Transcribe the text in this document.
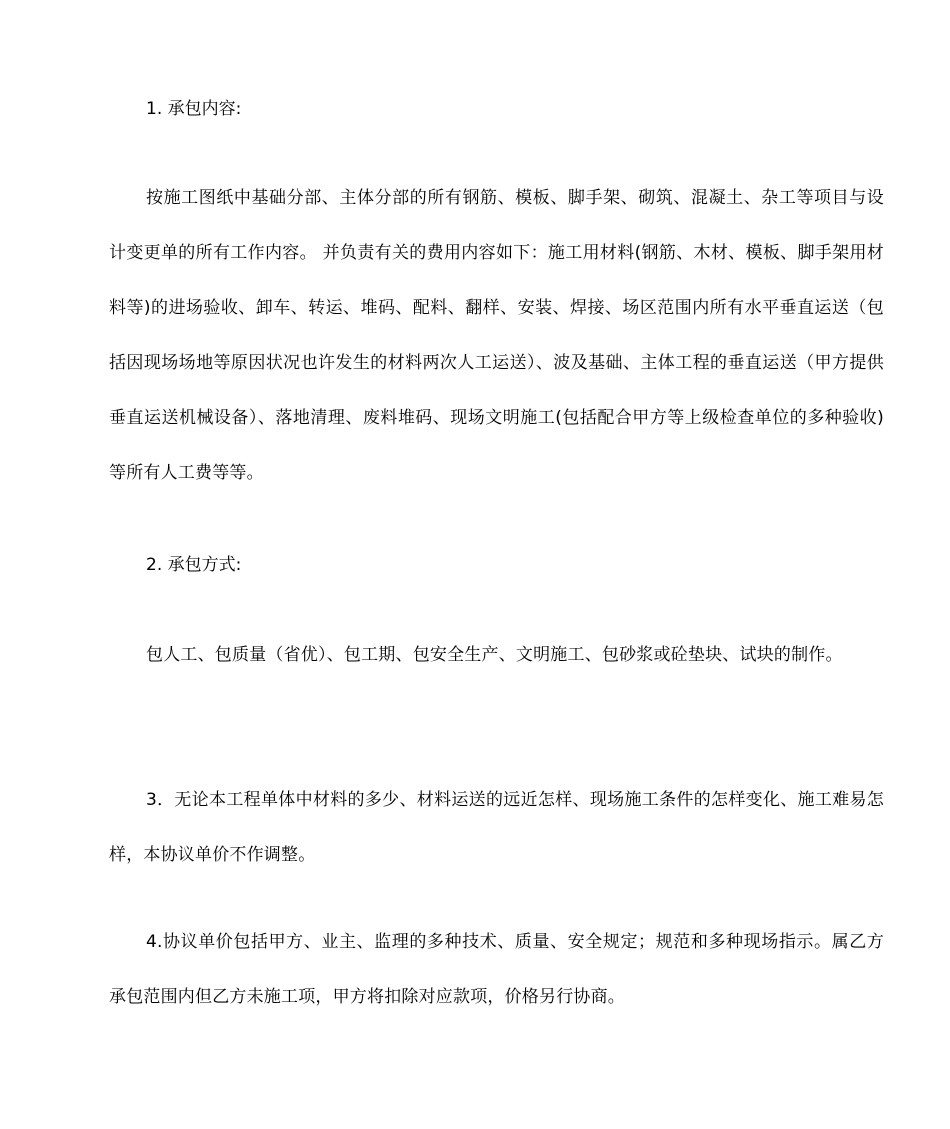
1. 承包内容:

按施工图纸中基础分部、主体分部的所有钢筋、模板、脚手架、砌筑、混凝土、杂工等项目与设计变更单的所有工作内容。 并负责有关的费用内容如下：施工用材料(钢筋、木材、模板、脚手架用材料等)的进场验收、卸车、转运、堆码、配料、翻样、安装、焊接、场区范围内所有水平垂直运送（包括因现场场地等原因状况也许发生的材料两次人工运送）、波及基础、主体工程的垂直运送（甲方提供垂直运送机械设备）、落地清理、废料堆码、现场文明施工(包括配合甲方等上级检查单位的多种验收)等所有人工费等等。

2. 承包方式:

包人工、包质量（省优）、包工期、包安全生产、文明施工、包砂浆或砼垫块、试块的制作。

3．无论本工程单体中材料的多少、材料运送的远近怎样、现场施工条件的怎样变化、施工难易怎样，本协议单价不作调整。

4.协议单价包括甲方、业主、监理的多种技术、质量、安全规定；规范和多种现场指示。属乙方承包范围内但乙方未施工项，甲方将扣除对应款项，价格另行协商。
